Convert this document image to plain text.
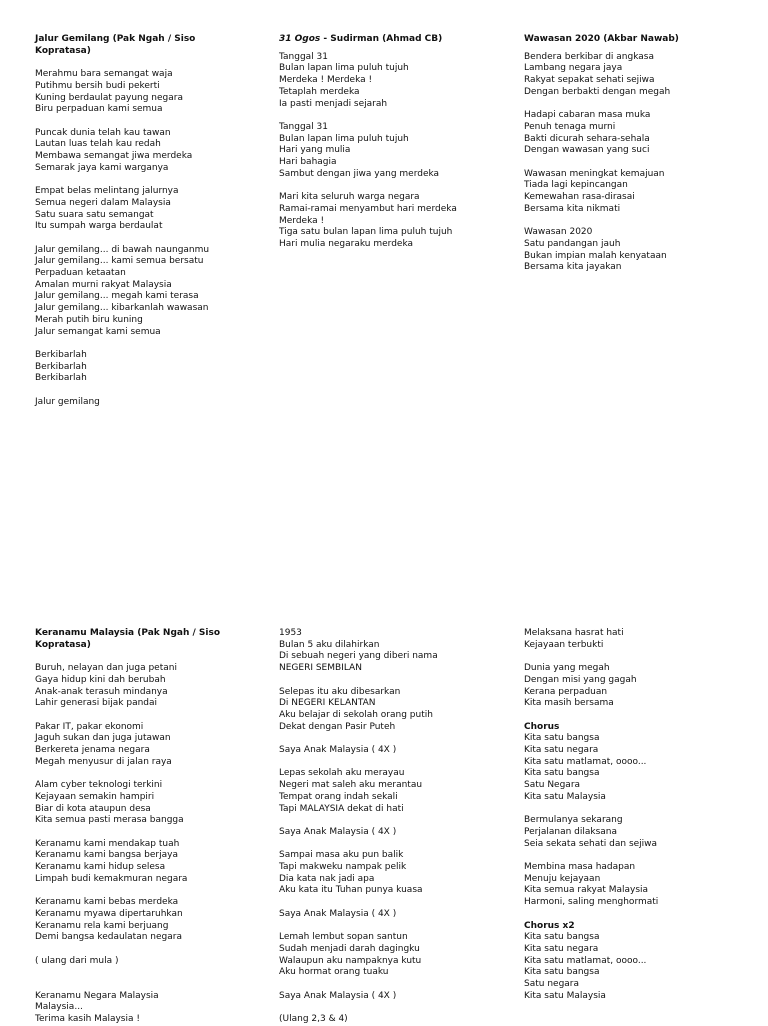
Jalur Gemilang (Pak Ngah / Siso Kopratasa)
Merahmu bara semangat waja
Putihmu bersih budi pekerti
Kuning berdaulat payung negara
Biru perpaduan kami semua
Puncak dunia telah kau tawan
Lautan luas telah kau redah
Membawa semangat jiwa merdeka
Semarak jaya kami warganya
Empat belas melintang jalurnya
Semua negeri dalam Malaysia
Satu suara satu semangat
Itu sumpah warga berdaulat
Jalur gemilang... di bawah naunganmu
Jalur gemilang... kami semua bersatu
Perpaduan ketaatan
Amalan murni rakyat Malaysia
Jalur gemilang... megah kami terasa
Jalur gemilang... kibarkanlah wawasan
Merah putih biru kuning
Jalur semangat kami semua
Berkibarlah
Berkibarlah
Berkibarlah
Jalur gemilang
31 Ogos - Sudirman (Ahmad CB)
Tanggal 31
Bulan lapan lima puluh tujuh
Merdeka ! Merdeka !
Tetaplah merdeka
Ia pasti menjadi sejarah
Tanggal 31
Bulan lapan lima puluh tujuh
Hari yang mulia
Hari bahagia
Sambut dengan jiwa yang merdeka
Mari kita seluruh warga negara
Ramai-ramai menyambut hari merdeka
Merdeka !
Tiga satu bulan lapan lima puluh tujuh
Hari mulia negaraku merdeka
Wawasan 2020 (Akbar Nawab)
Bendera berkibar di angkasa
Lambang negara jaya
Rakyat sepakat sehati sejiwa
Dengan berbakti dengan megah
Hadapi cabaran masa muka
Penuh tenaga murni
Bakti dicurah sehara-sehala
Dengan wawasan yang suci
Wawasan meningkat kemajuan
Tiada lagi kepincangan
Kemewahan rasa-dirasai
Bersama kita nikmati
Wawasan 2020
Satu pandangan jauh
Bukan impian malah kenyataan
Bersama kita jayakan
Keranamu Malaysia (Pak Ngah / Siso Kopratasa)
Buruh, nelayan dan juga petani
Gaya hidup kini dah berubah
Anak-anak terasuh mindanya
Lahir generasi bijak pandai
Pakar IT, pakar ekonomi
Jaguh sukan dan juga jutawan
Berkereta jenama negara
Megah menyusur di jalan raya
Alam cyber teknologi terkini
Kejayaan semakin hampiri
Biar di kota ataupun desa
Kita semua pasti merasa bangga
Keranamu kami mendakap tuah
Keranamu kami bangsa berjaya
Keranamu kami hidup selesa
Limpah budi kemakmuran negara
Keranamu kami bebas merdeka
Keranamu myawa dipertaruhkan
Keranamu rela kami berjuang
Demi bangsa kedaulatan negara
( ulang dari mula )
Keranamu Negara Malaysia
Malaysia...
Terima kasih Malaysia !
1953
Bulan 5 aku dilahirkan
Di sebuah negeri yang diberi nama
NEGERI SEMBILAN
Selepas itu aku dibesarkan
Di NEGERI KELANTAN
Aku belajar di sekolah orang putih
Dekat dengan Pasir Puteh
Saya Anak Malaysia ( 4X )
Lepas sekolah aku merayau
Negeri mat saleh aku merantau
Tempat orang indah sekali
Tapi MALAYSIA dekat di hati
Saya Anak Malaysia ( 4X )
Sampai masa aku pun balik
Tapi makweku nampak pelik
Dia kata nak jadi apa
Aku kata itu Tuhan punya kuasa
Saya Anak Malaysia ( 4X )
Lemah lembut sopan santun
Sudah menjadi darah dagingku
Walaupun aku nampaknya kutu
Aku hormat orang tuaku
Saya Anak Malaysia ( 4X )
(Ulang 2,3 & 4)
Melaksana hasrat hati
Kejayaan terbukti
Dunia yang megah
Dengan misi yang gagah
Kerana perpaduan
Kita masih bersama
Chorus
Kita satu bangsa
Kita satu negara
Kita satu matlamat, oooo...
Kita satu bangsa
Satu Negara
Kita satu Malaysia
Bermulanya sekarang
Perjalanan dilaksana
Seia sekata sehati dan sejiwa
Membina masa hadapan
Menuju kejayaan
Kita semua rakyat Malaysia
Harmoni, saling menghormati
Chorus x2
Kita satu bangsa
Kita satu negara
Kita satu matlamat, oooo...
Kita satu bangsa
Satu negara
Kita satu Malaysia
